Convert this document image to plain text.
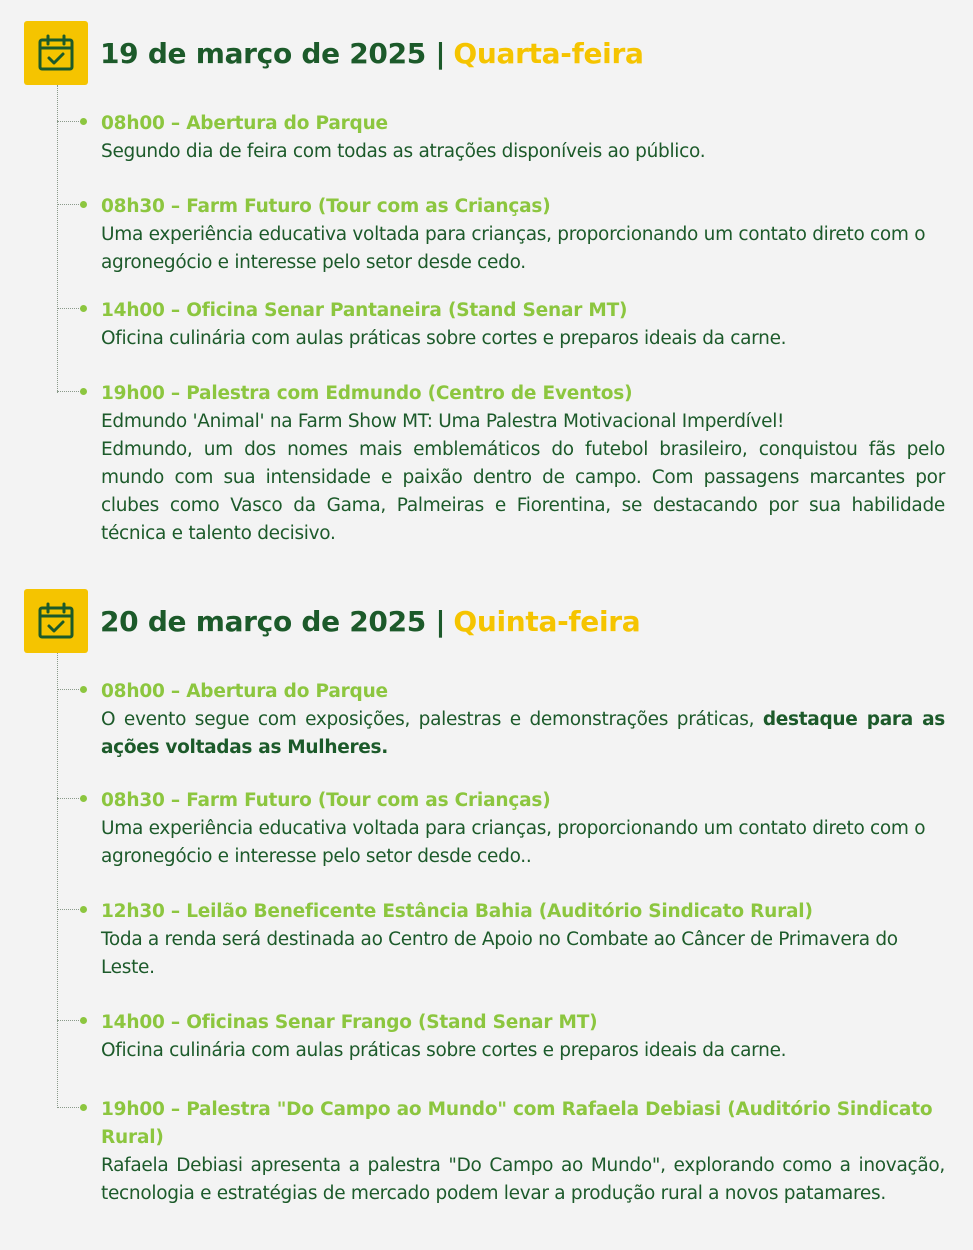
19 de março de 2025 | Quarta-feira
08h00 – Abertura do Parque
Segundo dia de feira com todas as atrações disponíveis ao público.
08h30 – Farm Futuro (Tour com as Crianças)
Uma experiência educativa voltada para crianças, proporcionando um contato direto com o agronegócio e interesse pelo setor desde cedo.
14h00 – Oficina Senar Pantaneira (Stand Senar MT)
Oficina culinária com aulas práticas sobre cortes e preparos ideais da carne.
19h00 – Palestra com Edmundo (Centro de Eventos)
Edmundo 'Animal' na Farm Show MT: Uma Palestra Motivacional Imperdível!
Edmundo, um dos nomes mais emblemáticos do futebol brasileiro, conquistou fãs pelo mundo com sua intensidade e paixão dentro de campo. Com passagens marcantes por clubes como Vasco da Gama, Palmeiras e Fiorentina, se destacando por sua habilidade técnica e talento decisivo.
20 de março de 2025 | Quinta-feira
08h00 – Abertura do Parque
O evento segue com exposições, palestras e demonstrações práticas, destaque para as ações voltadas as Mulheres.
08h30 – Farm Futuro (Tour com as Crianças)
Uma experiência educativa voltada para crianças, proporcionando um contato direto com o agronegócio e interesse pelo setor desde cedo..
12h30 – Leilão Beneficente Estância Bahia (Auditório Sindicato Rural)
Toda a renda será destinada ao Centro de Apoio no Combate ao Câncer de Primavera do Leste.
14h00 – Oficinas Senar Frango (Stand Senar MT)
Oficina culinária com aulas práticas sobre cortes e preparos ideais da carne.
19h00 – Palestra "Do Campo ao Mundo" com Rafaela Debiasi (Auditório Sindicato Rural)
Rafaela Debiasi apresenta a palestra "Do Campo ao Mundo", explorando como a inovação, tecnologia e estratégias de mercado podem levar a produção rural a novos patamares.
